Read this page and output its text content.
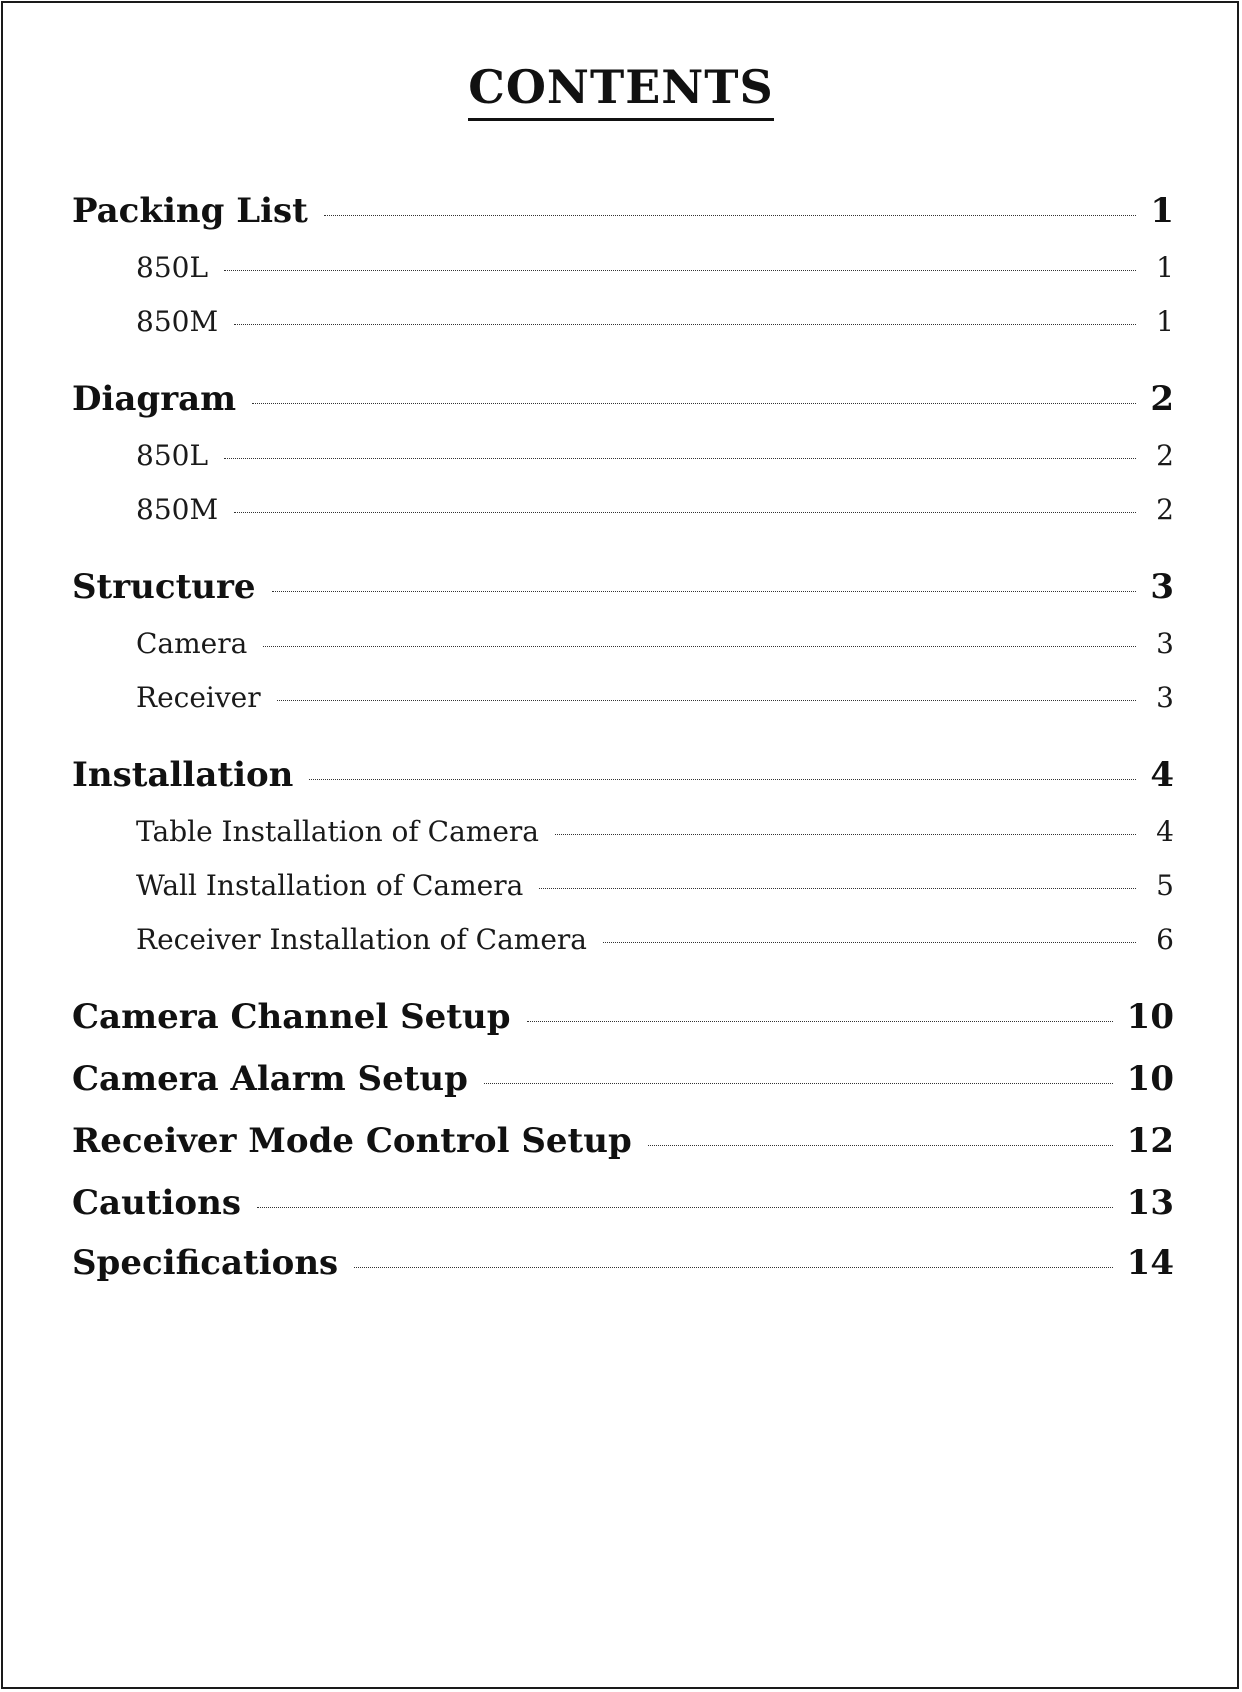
CONTENTS
Packing List	1
850L	1
850M	1
Diagram	2
850L	2
850M	2
Structure	3
Camera	3
Receiver	3
Installation	4
Table Installation of Camera	4
Wall Installation of Camera	5
Receiver Installation of Camera	6
Camera Channel Setup	10
Camera Alarm Setup	10
Receiver Mode Control Setup	12
Cautions	13
Specifications	14
